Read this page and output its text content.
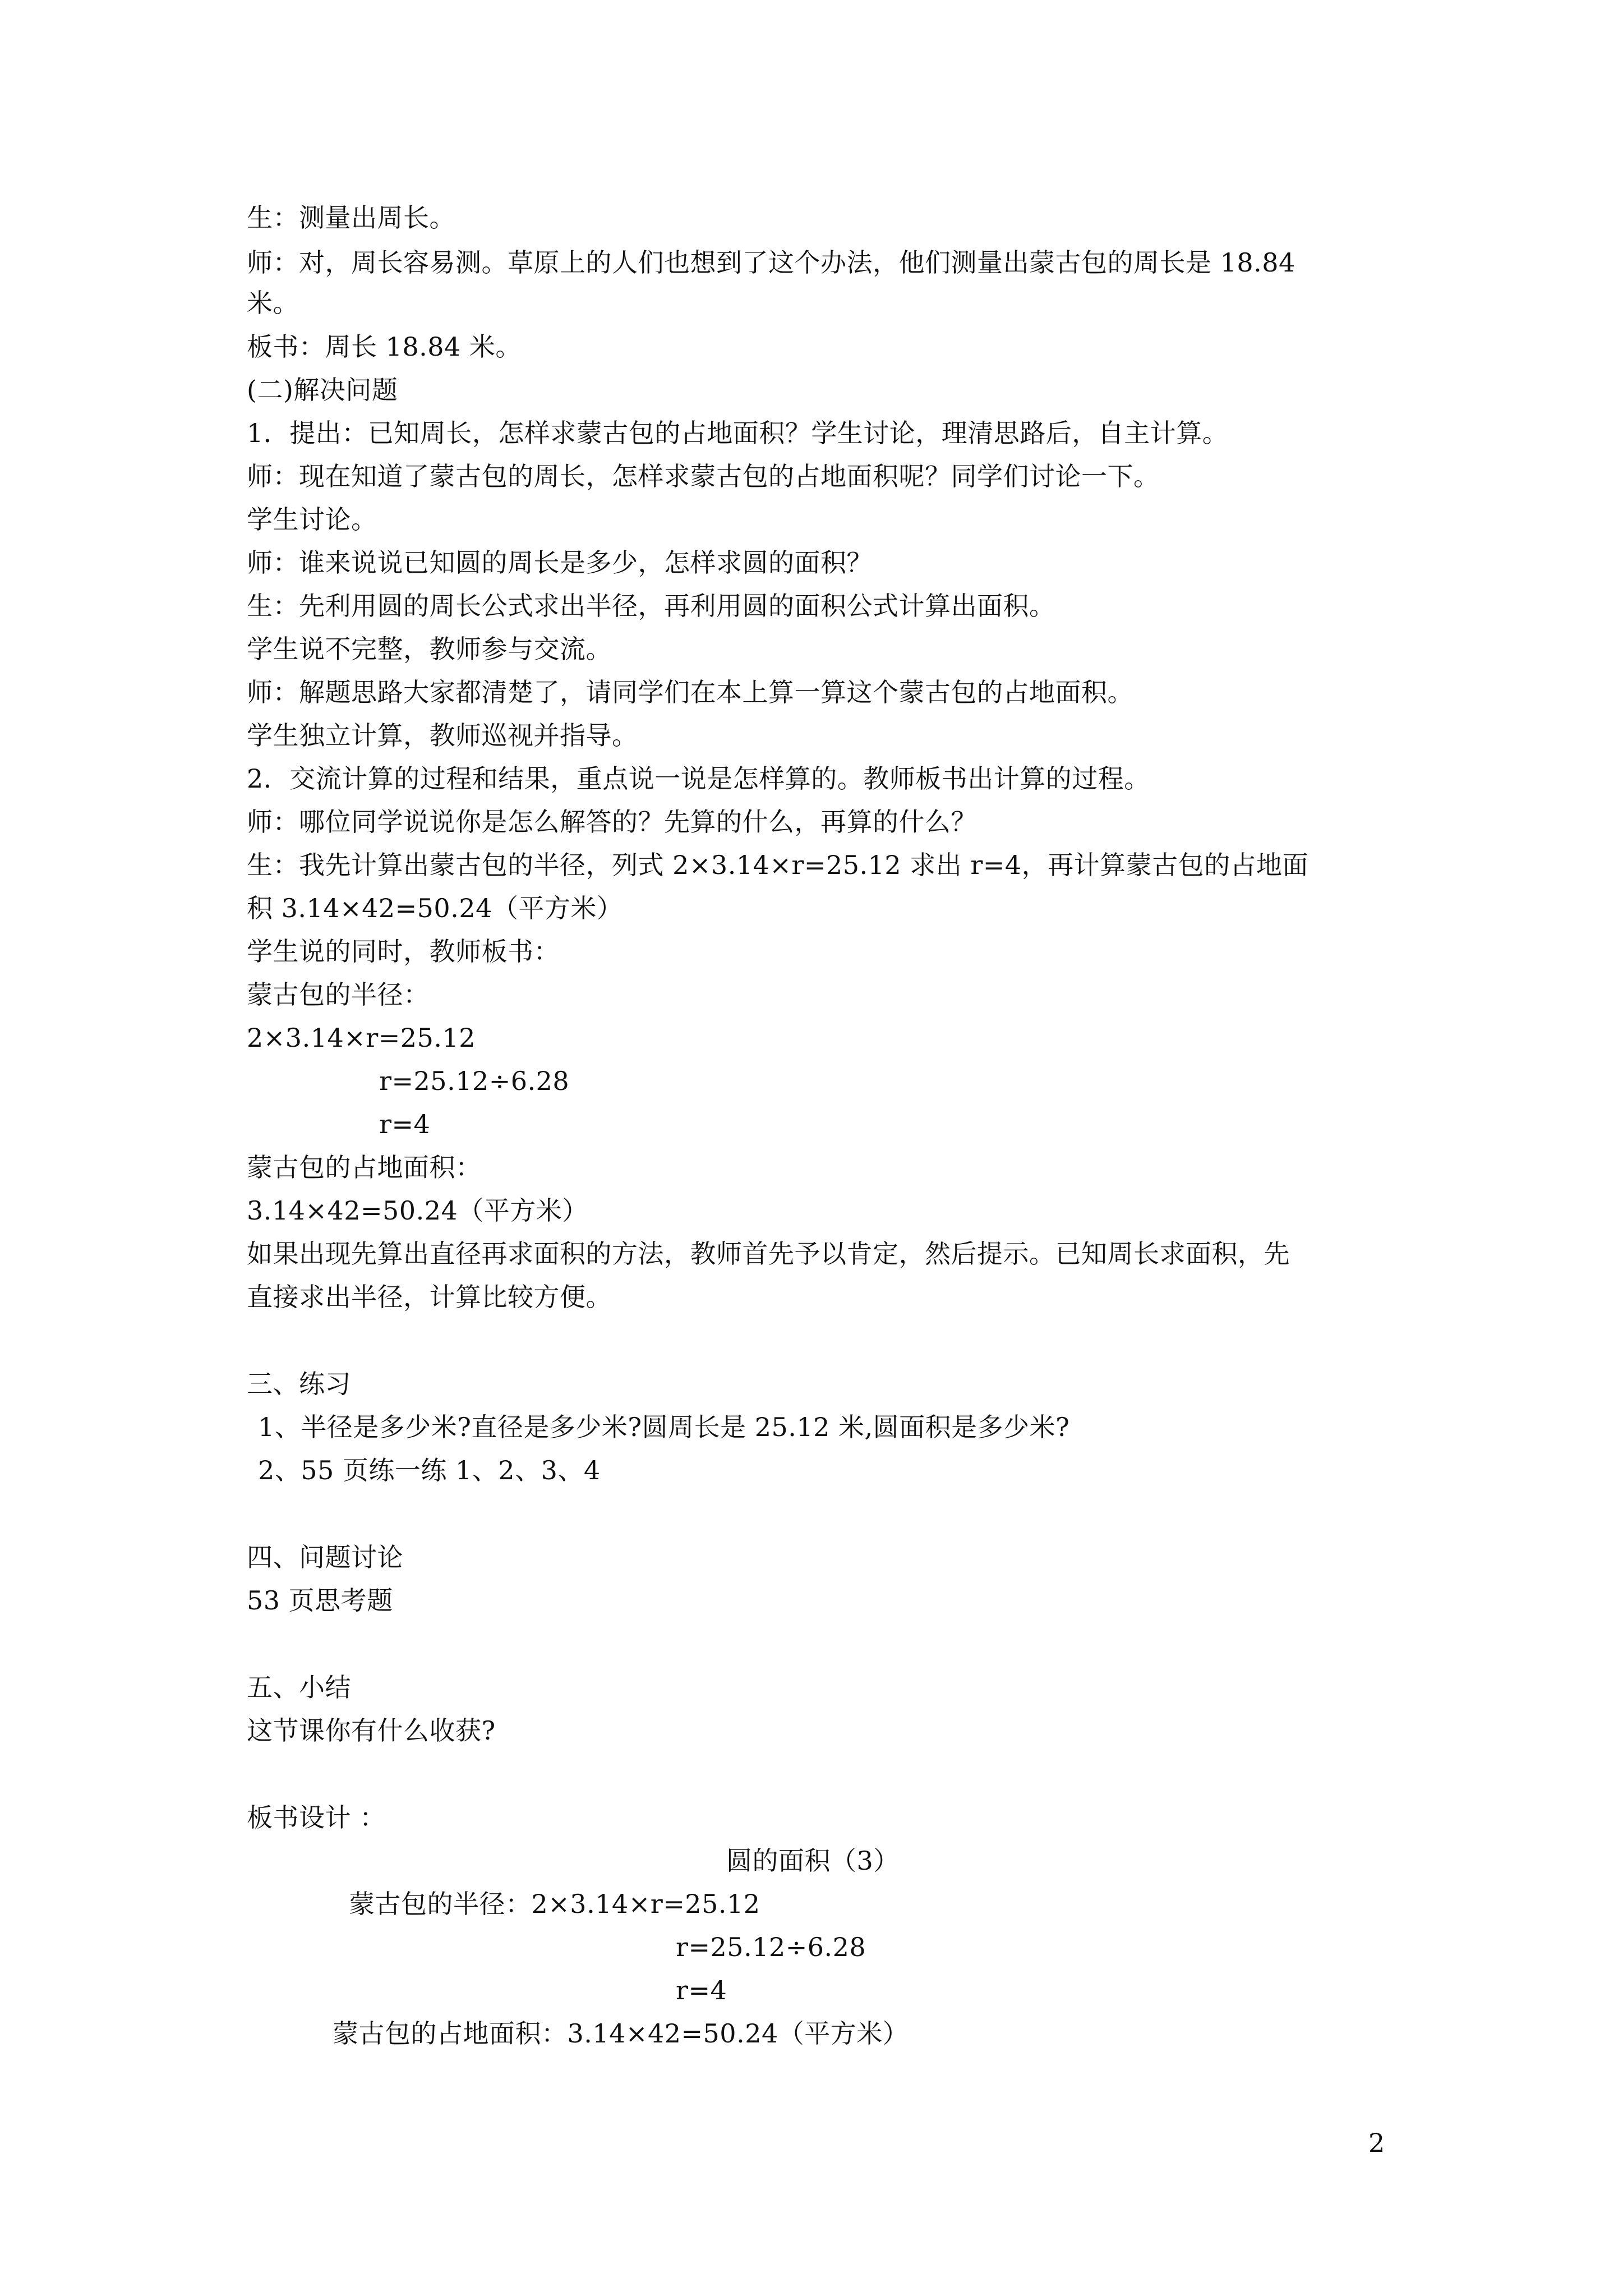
生：测量出周长。
师：对，周长容易测。草原上的人们也想到了这个办法，他们测量出蒙古包的周长是 18.84
米。
板书：周长 18.84 米。
(二)解决问题
1．提出：已知周长，怎样求蒙古包的占地面积？学生讨论，理清思路后，自主计算。
师：现在知道了蒙古包的周长，怎样求蒙古包的占地面积呢？同学们讨论一下。
学生讨论。
师：谁来说说已知圆的周长是多少，怎样求圆的面积？
生：先利用圆的周长公式求出半径，再利用圆的面积公式计算出面积。
学生说不完整，教师参与交流。
师：解题思路大家都清楚了，请同学们在本上算一算这个蒙古包的占地面积。
学生独立计算，教师巡视并指导。
2．交流计算的过程和结果，重点说一说是怎样算的。教师板书出计算的过程。
师：哪位同学说说你是怎么解答的？先算的什么，再算的什么？
生：我先计算出蒙古包的半径，列式 2×3.14×r=25.12 求出 r=4，再计算蒙古包的占地面
积 3.14×42=50.24（平方米）
学生说的同时，教师板书：
蒙古包的半径：
2×3.14×r=25.12
r=25.12÷6.28
r=4
蒙古包的占地面积：
3.14×42=50.24（平方米）
如果出现先算出直径再求面积的方法，教师首先予以肯定，然后提示。已知周长求面积，先
直接求出半径，计算比较方便。
三、练习
1、半径是多少米?直径是多少米?圆周长是 25.12 米,圆面积是多少米?
2、55 页练一练 1、2、3、4
四、问题讨论
53 页思考题
五、小结
这节课你有什么收获?
板书设计 ：
圆的面积（3）
蒙古包的半径：2×3.14×r=25.12
r=25.12÷6.28
r=4
蒙古包的占地面积：3.14×42=50.24（平方米）
2
